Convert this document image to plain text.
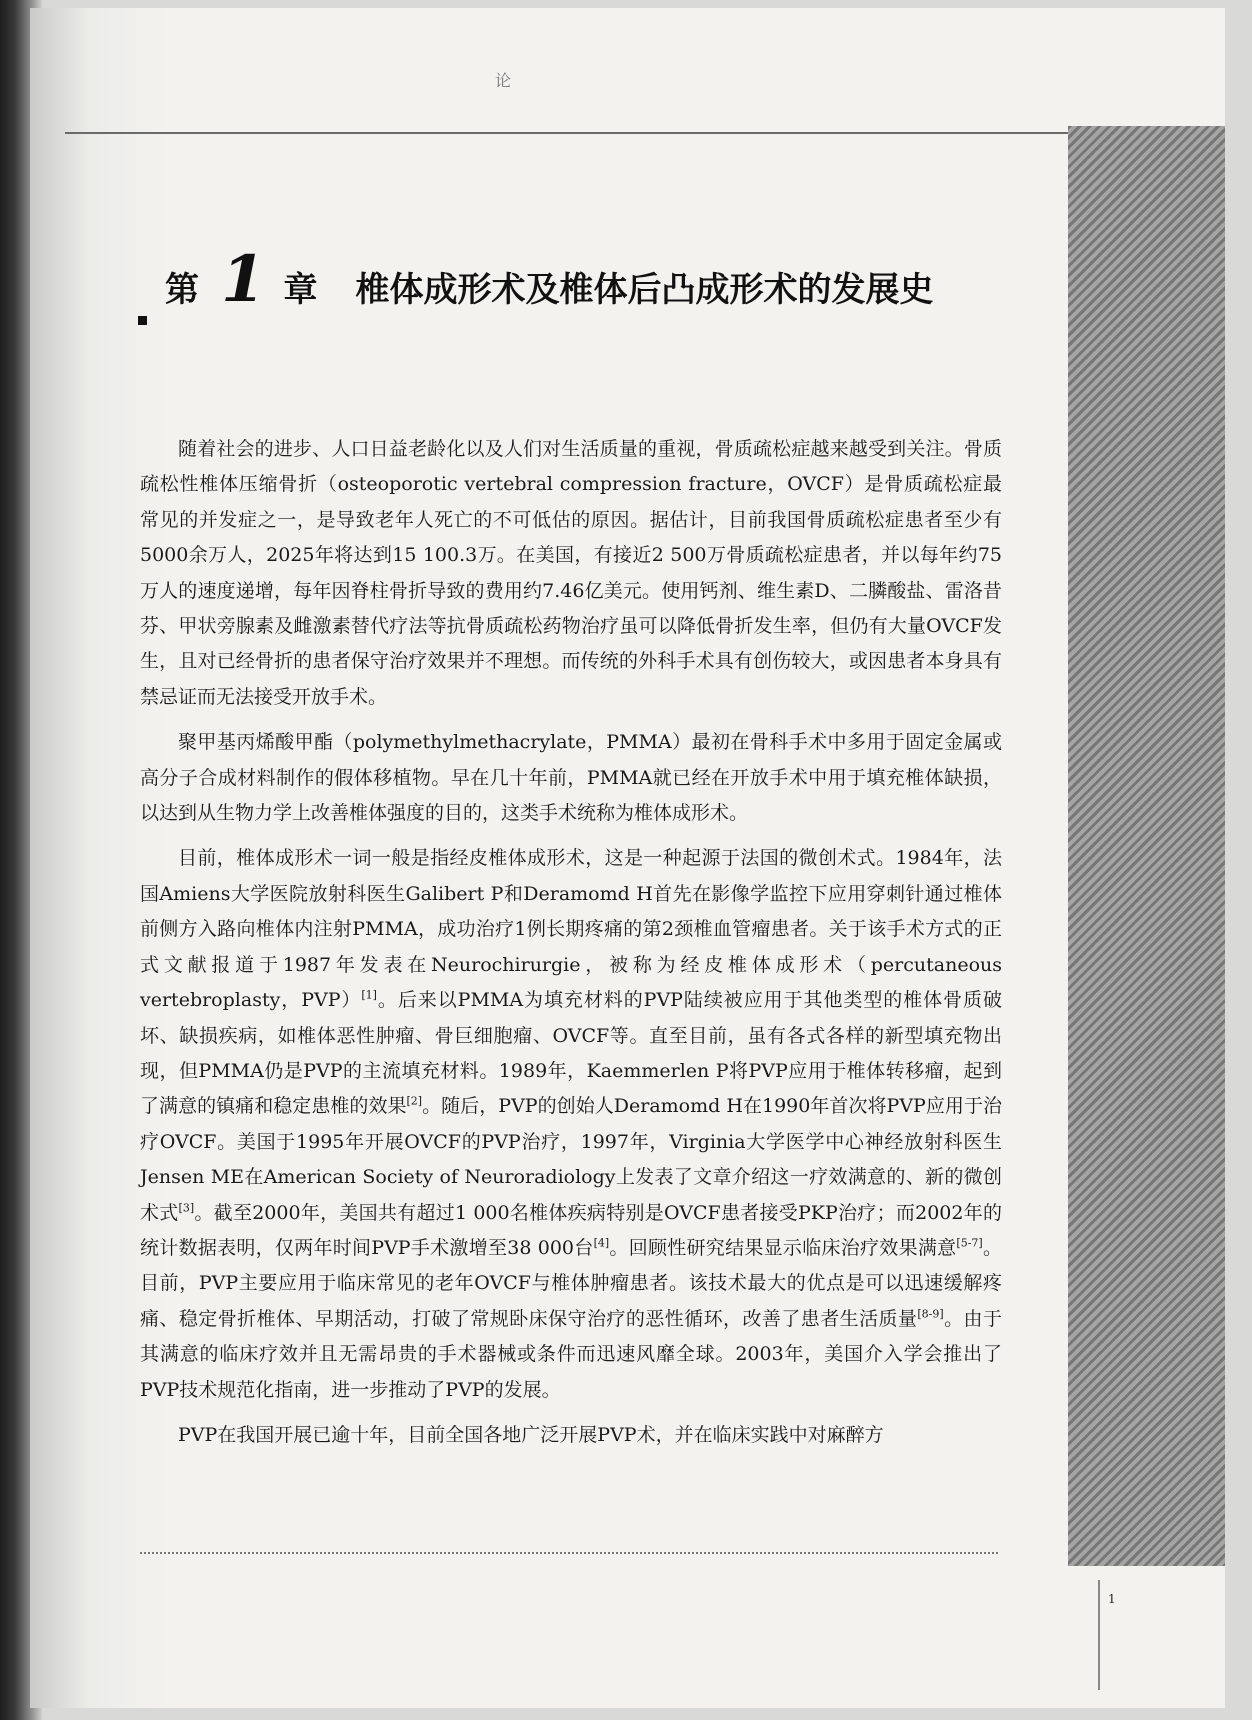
论
第 1 章 椎体成形术及椎体后凸成形术的发展史

随着社会的进步、人口日益老龄化以及人们对生活质量的重视，骨质疏松症越来越受到关注。骨质疏松性椎体压缩骨折（osteoporotic vertebral compression fracture，OVCF）是骨质疏松症最常见的并发症之一，是导致老年人死亡的不可低估的原因。据估计，目前我国骨质疏松症患者至少有5000余万人，2025年将达到15 100.3万。在美国，有接近2 500万骨质疏松症患者，并以每年约75万人的速度递增，每年因脊柱骨折导致的费用约7.46亿美元。使用钙剂、维生素D、二膦酸盐、雷洛昔芬、甲状旁腺素及雌激素替代疗法等抗骨质疏松药物治疗虽可以降低骨折发生率，但仍有大量OVCF发生，且对已经骨折的患者保守治疗效果并不理想。而传统的外科手术具有创伤较大，或因患者本身具有禁忌证而无法接受开放手术。

聚甲基丙烯酸甲酯（polymethylmethacrylate，PMMA）最初在骨科手术中多用于固定金属或高分子合成材料制作的假体移植物。早在几十年前，PMMA就已经在开放手术中用于填充椎体缺损，以达到从生物力学上改善椎体强度的目的，这类手术统称为椎体成形术。

目前，椎体成形术一词一般是指经皮椎体成形术，这是一种起源于法国的微创术式。1984年，法国Amiens大学医院放射科医生Galibert P和Deramomd H首先在影像学监控下应用穿刺针通过椎体前侧方入路向椎体内注射PMMA，成功治疗1例长期疼痛的第2颈椎血管瘤患者。关于该手术方式的正式文献报道于1987年发表在Neurochirurgie，被称为经皮椎体成形术（percutaneous vertebroplasty，PVP）[1]。后来以PMMA为填充材料的PVP陆续被应用于其他类型的椎体骨质破坏、缺损疾病，如椎体恶性肿瘤、骨巨细胞瘤、OVCF等。直至目前，虽有各式各样的新型填充物出现，但PMMA仍是PVP的主流填充材料。1989年，Kaemmerlen P将PVP应用于椎体转移瘤，起到了满意的镇痛和稳定患椎的效果[2]。随后，PVP的创始人Deramomd H在1990年首次将PVP应用于治疗OVCF。美国于1995年开展OVCF的PVP治疗，1997年，Virginia大学医学中心神经放射科医生Jensen ME在American Society of Neuroradiology上发表了文章介绍这一疗效满意的、新的微创术式[3]。截至2000年，美国共有超过1 000名椎体疾病特别是OVCF患者接受PKP治疗；而2002年的统计数据表明，仅两年时间PVP手术激增至38 000台[4]。回顾性研究结果显示临床治疗效果满意[5-7]。目前，PVP主要应用于临床常见的老年OVCF与椎体肿瘤患者。该技术最大的优点是可以迅速缓解疼痛、稳定骨折椎体、早期活动，打破了常规卧床保守治疗的恶性循环，改善了患者生活质量[8-9]。由于其满意的临床疗效并且无需昂贵的手术器械或条件而迅速风靡全球。2003年，美国介入学会推出了PVP技术规范化指南，进一步推动了PVP的发展。

PVP在我国开展已逾十年，目前全国各地广泛开展PVP术，并在临床实践中对麻醉方

1
